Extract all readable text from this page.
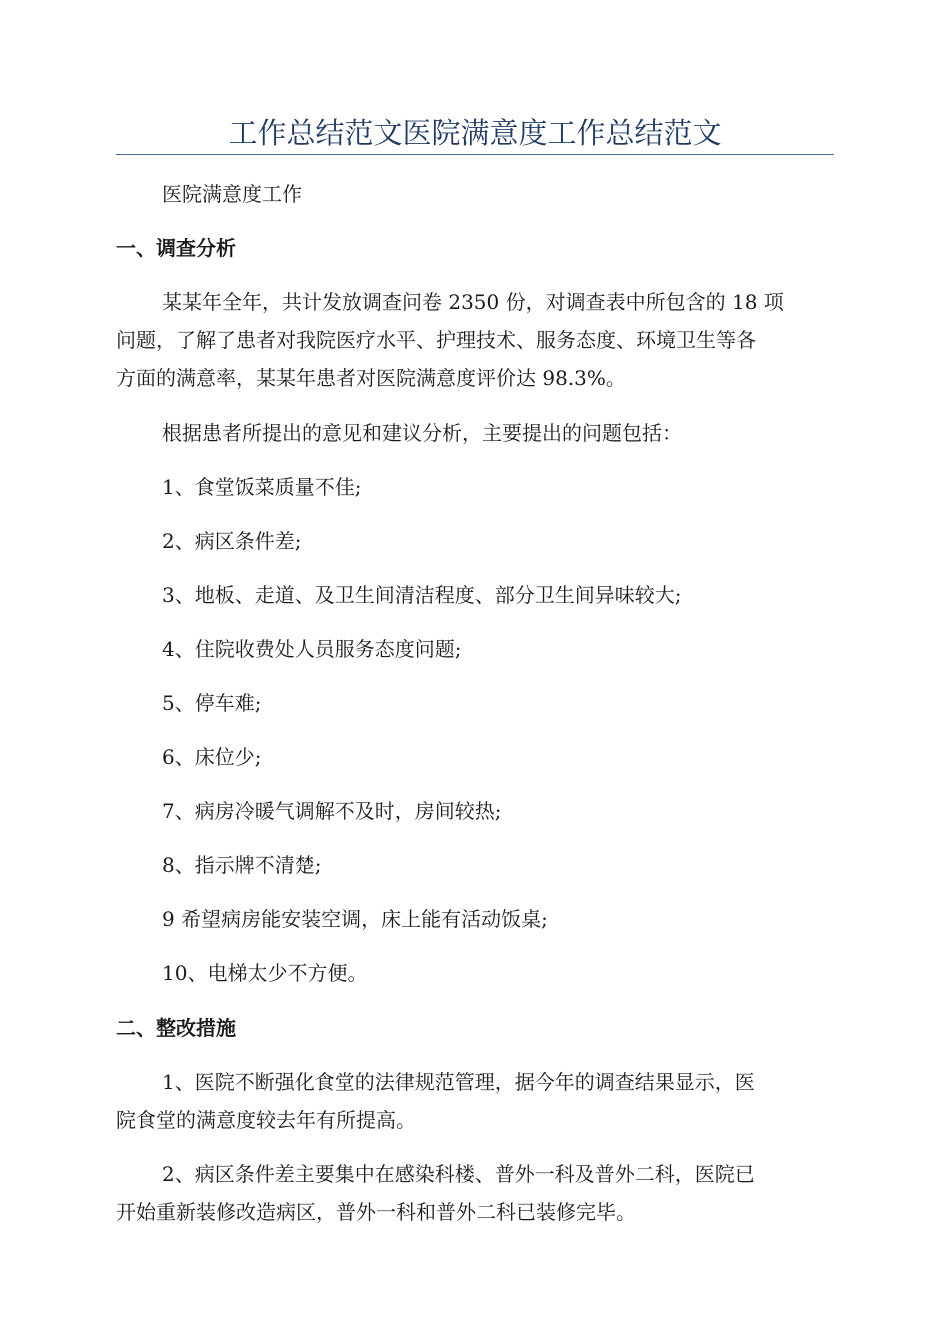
工作总结范文医院满意度工作总结范文

医院满意度工作

一、调查分析

某某年全年，共计发放调查问卷 2350 份，对调查表中所包含的 18 项

问题，了解了患者对我院医疗水平、护理技术、服务态度、环境卫生等各

方面的满意率，某某年患者对医院满意度评价达 98.3%。

根据患者所提出的意见和建议分析，主要提出的问题包括：

1、食堂饭菜质量不佳;

2、病区条件差;

3、地板、走道、及卫生间清洁程度、部分卫生间异味较大;

4、住院收费处人员服务态度问题;

5、停车难;

6、床位少;

7、病房冷暖气调解不及时，房间较热;

8、指示牌不清楚;

9 希望病房能安装空调，床上能有活动饭桌;

10、电梯太少不方便。

二、整改措施

1、医院不断强化食堂的法律规范管理，据今年的调查结果显示，医

院食堂的满意度较去年有所提高。

2、病区条件差主要集中在感染科楼、普外一科及普外二科，医院已

开始重新装修改造病区，普外一科和普外二科已装修完毕。
